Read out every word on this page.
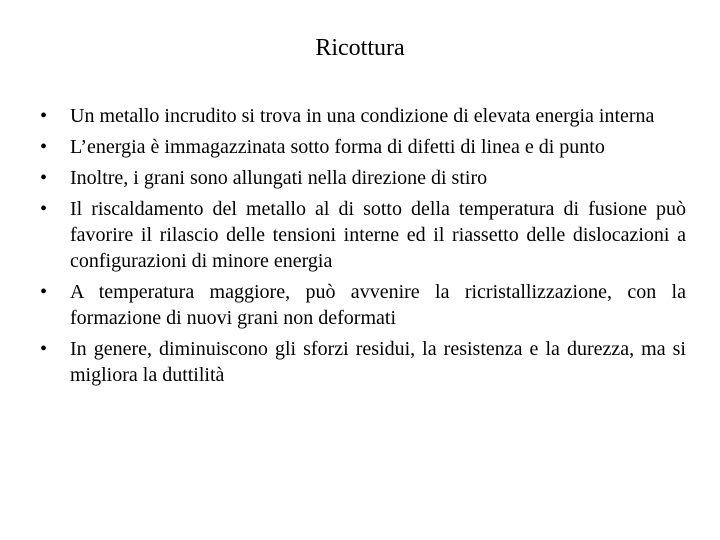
Ricottura
•	Un metallo incrudito si trova in una condizione di elevata energia interna
•	L’energia è immagazzinata sotto forma di difetti di linea e di punto
•	Inoltre, i grani sono allungati nella direzione di stiro
•	Il riscaldamento del metallo al di sotto della temperatura di fusione può favorire il rilascio delle tensioni interne ed il riassetto delle dislocazioni a configurazioni di minore energia
•	A temperatura maggiore, può avvenire la ricristallizzazione, con la formazione di nuovi grani non deformati
•	In genere, diminuiscono gli sforzi residui, la resistenza e la durezza, ma si migliora la duttilità
